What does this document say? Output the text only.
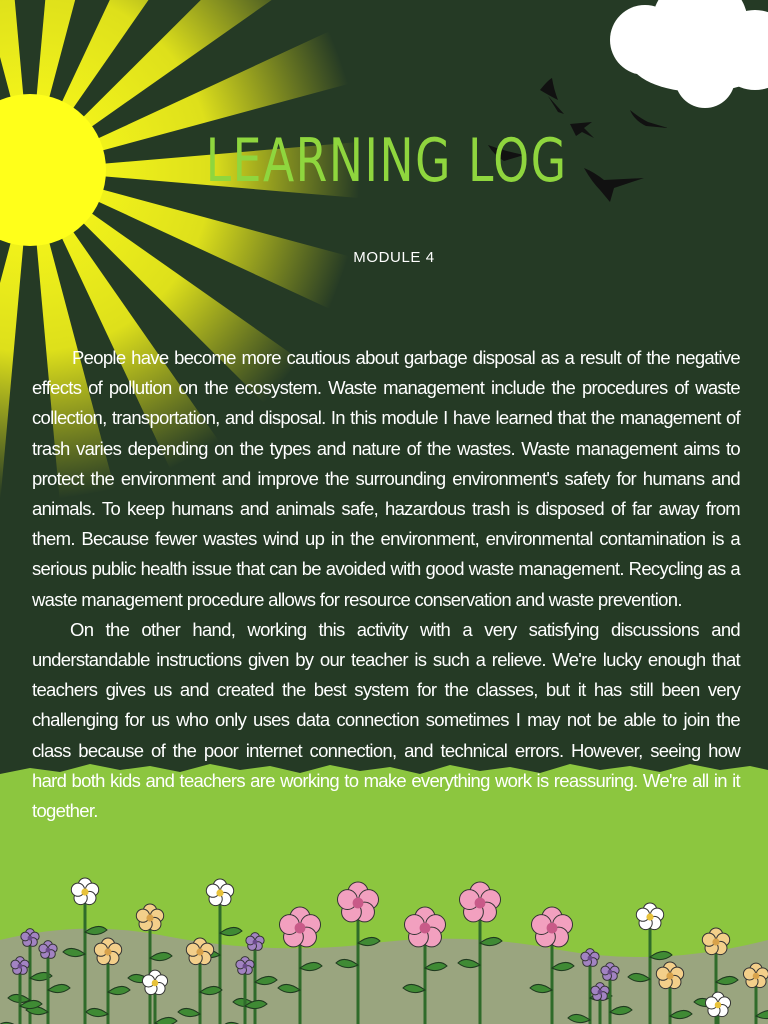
LEARNING LOG
MODULE 4

People have become more cautious about garbage disposal as a result of the negative effects of pollution on the ecosystem. Waste management include the procedures of waste collection, transportation, and disposal. In this module I have learned that the management of trash varies depending on the types and nature of the wastes. Waste management aims to protect the environment and improve the surrounding environment's safety for humans and animals. To keep humans and animals safe, hazardous trash is disposed of far away from them. Because fewer wastes wind up in the environment, environmental contamination is a serious public health issue that can be avoided with good waste management. Recycling as a waste management procedure allows for resource conservation and waste prevention.

On the other hand, working this activity with a very satisfying discussions and understandable instructions given by our teacher is such a relieve. We're lucky enough that teachers gives us and created the best system for the classes, but it has still been very challenging for us who only uses data connection sometimes I may not be able to join the class because of the poor internet connection, and technical errors. However, seeing how hard both kids and teachers are working to make everything work is reassuring. We're all in it together.
